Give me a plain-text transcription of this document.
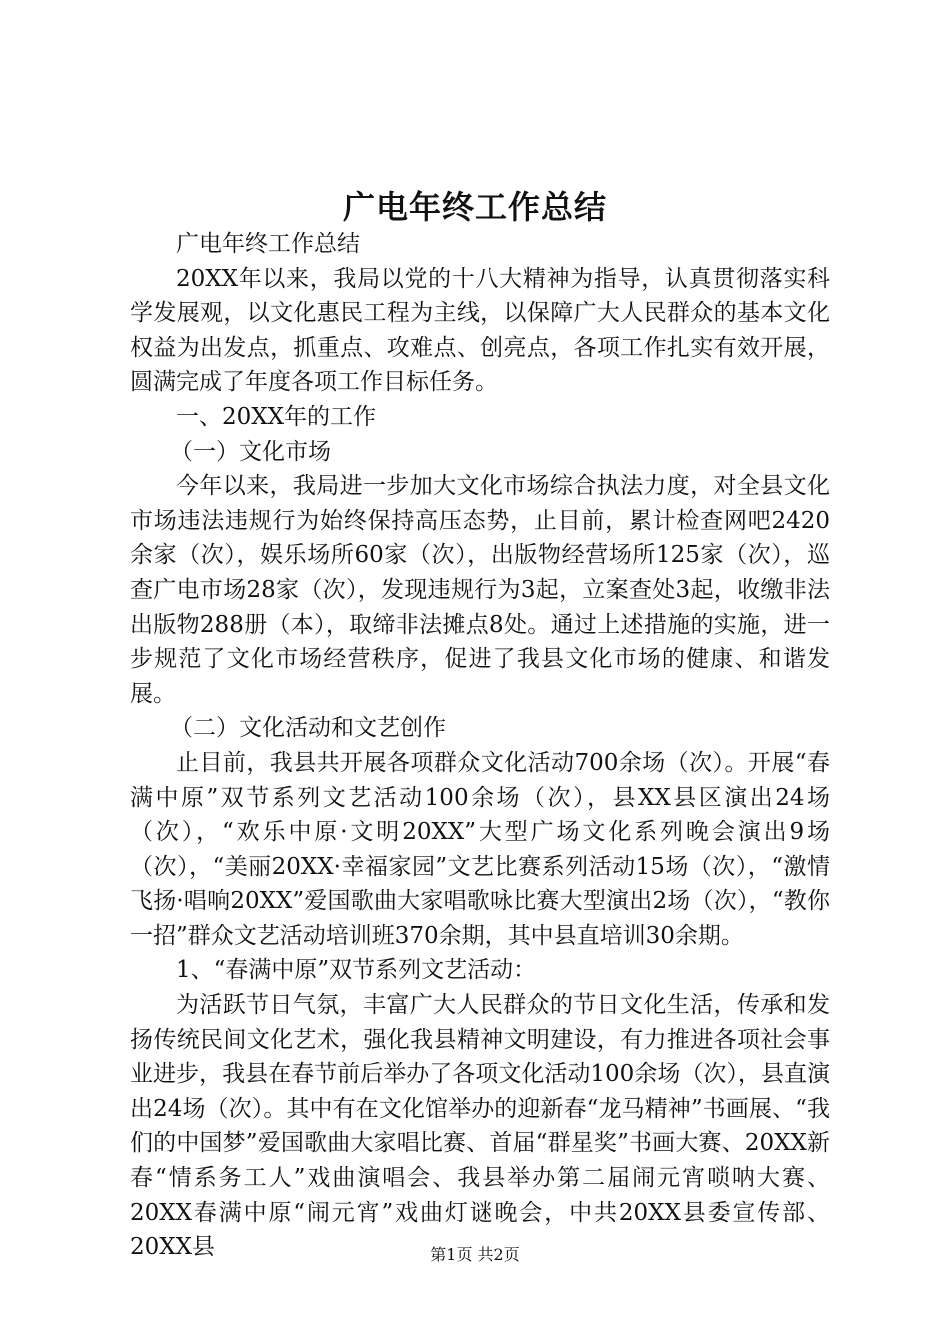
广电年终工作总结

广电年终工作总结

20XX年以来，我局以党的十八大精神为指导，认真贯彻落实科学发展观，以文化惠民工程为主线，以保障广大人民群众的基本文化权益为出发点，抓重点、攻难点、创亮点，各项工作扎实有效开展，圆满完成了年度各项工作目标任务。

一、20XX年的工作

（一）文化市场

今年以来，我局进一步加大文化市场综合执法力度，对全县文化市场违法违规行为始终保持高压态势，止目前，累计检查网吧2420余家（次），娱乐场所60家（次），出版物经营场所125家（次），巡查广电市场28家（次），发现违规行为3起，立案查处3起，收缴非法出版物288册（本），取缔非法摊点8处。通过上述措施的实施，进一步规范了文化市场经营秩序，促进了我县文化市场的健康、和谐发展。

（二）文化活动和文艺创作

止目前，我县共开展各项群众文化活动700余场（次）。开展“春满中原”双节系列文艺活动100余场（次），县XX县区演出24场（次），“欢乐中原·文明20XX”大型广场文化系列晚会演出9场（次），“美丽20XX·幸福家园”文艺比赛系列活动15场（次），“激情飞扬·唱响20XX”爱国歌曲大家唱歌咏比赛大型演出2场（次），“教你一招”群众文艺活动培训班370余期，其中县直培训30余期。

1、“春满中原”双节系列文艺活动：

为活跃节日气氛，丰富广大人民群众的节日文化生活，传承和发扬传统民间文化艺术，强化我县精神文明建设，有力推进各项社会事业进步，我县在春节前后举办了各项文化活动100余场（次），县直演出24场（次）。其中有在文化馆举办的迎新春“龙马精神”书画展、“我们的中国梦”爱国歌曲大家唱比赛、首届“群星奖”书画大赛、20XX新春“情系务工人”戏曲演唱会、我县举办第二届闹元宵唢呐大赛、20XX春满中原“闹元宵”戏曲灯谜晚会，中共20XX县委宣传部、20XX县	第1页 共2页
